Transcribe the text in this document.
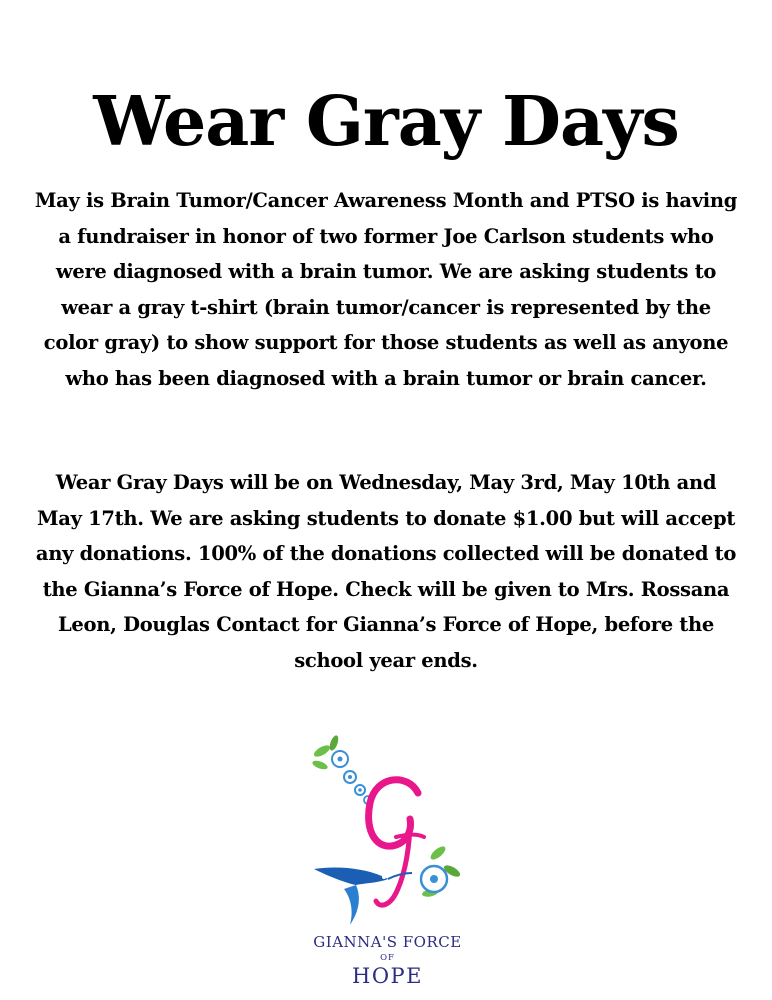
Wear Gray Days

May is Brain Tumor/Cancer Awareness Month and PTSO is having a fundraiser in honor of two former Joe Carlson students who were diagnosed with a brain tumor. We are asking students to wear a gray t-shirt (brain tumor/cancer is represented by the color gray) to show support for those students as well as anyone who has been diagnosed with a brain tumor or brain cancer.

Wear Gray Days will be on Wednesday, May 3rd, May 10th and May 17th. We are asking students to donate $1.00 but will accept any donations. 100% of the donations collected will be donated to the Gianna’s Force of Hope. Check will be given to Mrs. Rossana Leon, Douglas Contact for Gianna’s Force of Hope, before the school year ends.

GIANNA'S FORCE
OF
HOPE
